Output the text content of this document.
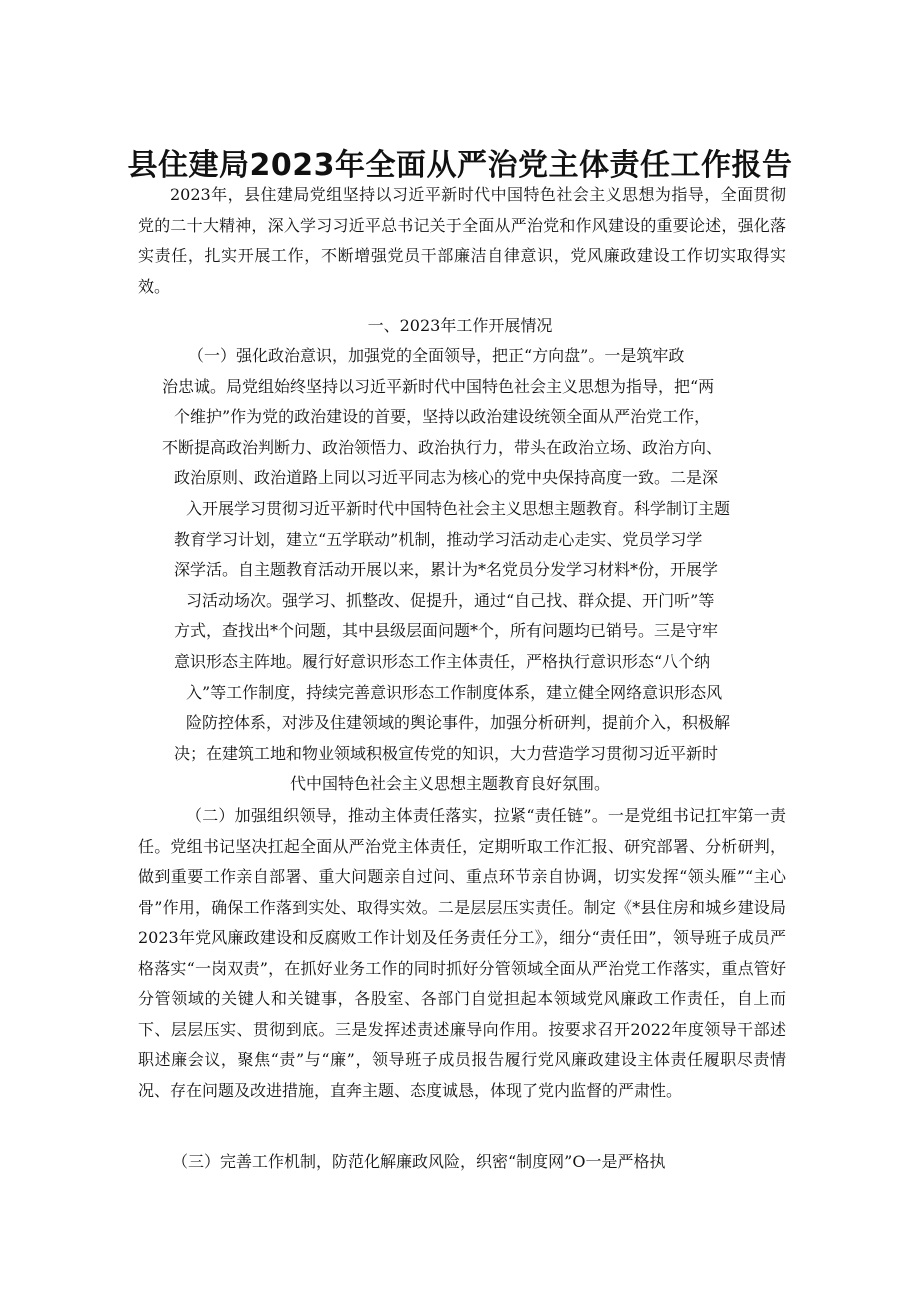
县住建局2023年全面从严治党主体责任工作报告

2023年，县住建局党组坚持以习近平新时代中国特色社会主义思想为指导，全面贯彻党的二十大精神，深入学习习近平总书记关于全面从严治党和作风建设的重要论述，强化落实责任，扎实开展工作，不断增强党员干部廉洁自律意识，党风廉政建设工作切实取得实效。

一、2023年工作开展情况
（一）强化政治意识，加强党的全面领导，把正“方向盘”。一是筑牢政
治忠诚。局党组始终坚持以习近平新时代中国特色社会主义思想为指导，把“两
个维护”作为党的政治建设的首要，坚持以政治建设统领全面从严治党工作，
不断提高政治判断力、政治领悟力、政治执行力，带头在政治立场、政治方向、
政治原则、政治道路上同以习近平同志为核心的党中央保持高度一致。二是深
入开展学习贯彻习近平新时代中国特色社会主义思想主题教育。科学制订主题
教育学习计划，建立“五学联动”机制，推动学习活动走心走实、党员学习学
深学活。自主题教育活动开展以来，累计为*名党员分发学习材料*份，开展学
习活动场次。强学习、抓整改、促提升，通过“自己找、群众提、开门听”等
方式，查找出*个问题，其中县级层面问题*个，所有问题均已销号。三是守牢
意识形态主阵地。履行好意识形态工作主体责任，严格执行意识形态“八个纳
入”等工作制度，持续完善意识形态工作制度体系，建立健全网络意识形态风
险防控体系，对涉及住建领域的舆论事件，加强分析研判，提前介入，积极解
决；在建筑工地和物业领域积极宣传党的知识，大力营造学习贯彻习近平新时
代中国特色社会主义思想主题教育良好氛围。

（二）加强组织领导，推动主体责任落实，拉紧“责任链”。一是党组书记扛牢第一责任。党组书记坚决扛起全面从严治党主体责任，定期听取工作汇报、研究部署、分析研判，做到重要工作亲自部署、重大问题亲自过问、重点环节亲自协调，切实发挥“领头雁”“主心骨”作用，确保工作落到实处、取得实效。二是层层压实责任。制定《*县住房和城乡建设局2023年党风廉政建设和反腐败工作计划及任务责任分工》，细分“责任田”，领导班子成员严格落实“一岗双责”，在抓好业务工作的同时抓好分管领域全面从严治党工作落实，重点管好分管领域的关键人和关键事，各股室、各部门自觉担起本领域党风廉政工作责任，自上而下、层层压实、贯彻到底。三是发挥述责述廉导向作用。按要求召开2022年度领导干部述职述廉会议，聚焦“责”与“廉”，领导班子成员报告履行党风廉政建设主体责任履职尽责情况、存在问题及改进措施，直奔主题、态度诚恳，体现了党内监督的严肃性。

（三）完善工作机制，防范化解廉政风险，织密“制度网”O一是严格执
